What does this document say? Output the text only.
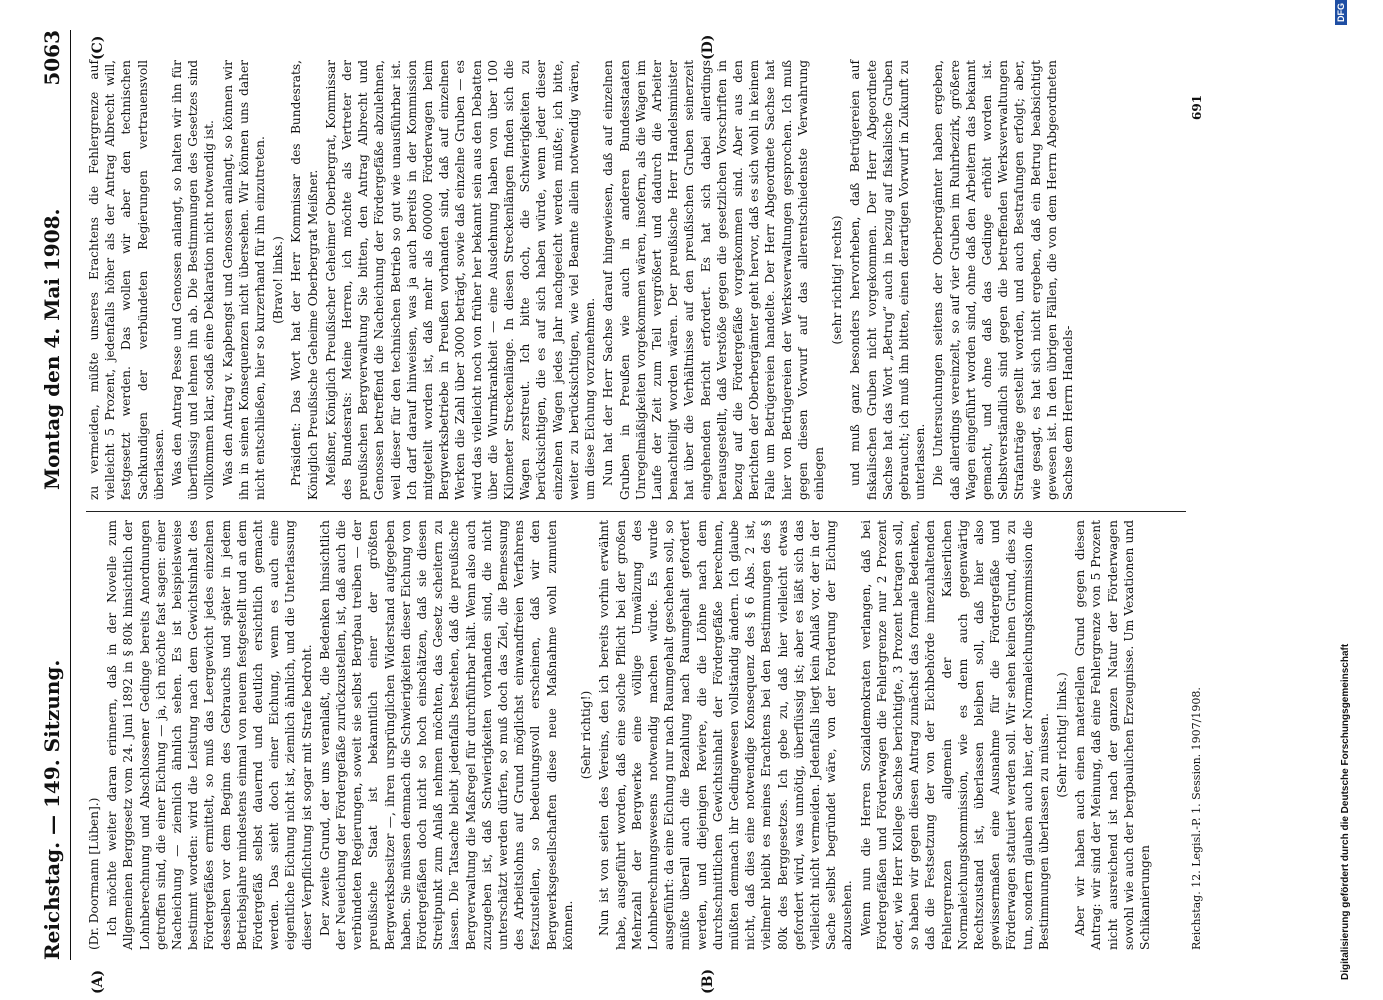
Reichstag. — 149. Sitzung.
Montag den 4. Mai 1908.
5063
(A)	(B)
(C)	(D)

(Dr. Doormann [Lüben].) Ich möchte weiter daran erinnern, daß in der Novelle zum Allgemeinen Berggesetz vom 24. Juni 1892 in § 80k hinsichtlich der Lohnberechnung und Abschlossener Gedinge bereits Anordnungen getroffen sind, die einer Eichung — ja, ich möchte fast sagen: einer Nacheichung — ziemlich ähnlich sehen. Es ist beispielsweise bestimmt worden: wird die Leistung nach dem Gewichtsinhalt des Fördergefäßes ermittelt, so muß das Leergewicht jedes einzelnen desselben vor dem Beginn des Gebrauchs und später in jedem Betriebsjahre mindestens einmal von neuem festgestellt und an dem Fördergefäß selbst dauernd und deutlich ersichtlich gemacht werden. Das sieht doch einer Eichung, wenn es auch eine eigentliche Eichung nicht ist, ziemlich ähnlich, und die Unterlassung dieser Verpflichtung ist sogar mit Strafe bedroht. Der zweite Grund, der uns veranlaßt, die Bedenken hinsichtlich der Neueichung der Fördergefäße zurückzustellen, ist, daß auch die verbündeten Regierungen, soweit sie selbst Bergbau treiben — der preußische Staat ist bekanntlich einer der größten Bergwerksbesitzer —, ihren ursprünglichen Widerstand aufgegeben haben. Sie müssen demnach die Schwierigkeiten dieser Eichung von Fördergefäßen doch nicht so hoch einschätzen, daß sie diesen Streitpunkt zum Anlaß nehmen möchten, das Gesetz scheitern zu lassen. Die Tatsache bleibt jedenfalls bestehen, daß die preußische Bergverwaltung die Maßregel für durchführbar hält. Wenn also auch zuzugeben ist, daß Schwierigkeiten vorhanden sind, die nicht unterschätzt werden dürfen, so muß doch das Ziel, die Bemessung des Arbeitslohns auf Grund möglichst einwandfreien Verfahrens festzustellen, so bedeutungsvoll erscheinen, daß wir den Bergwerksgesellschaften diese neue Maßnahme wohl zumuten können.

(Sehr richtig!) Nun ist von seiten des Vereins, den ich bereits vorhin erwähnt habe, ausgeführt worden, daß eine solche Pflicht bei der großen Mehrzahl der Bergwerke eine völlige Umwälzung des Lohnberechnungswesens notwendig machen würde. Es wurde ausgeführt: da eine Eichung nur nach Raumgehalt geschehen soll, so müßte überall auch die Bezahlung nach Raumgehalt gefordert werden, und diejenigen Reviere, die die Löhne nach dem durchschnittlichen Gewichtsinhalt der Fördergefäße berechnen, müßten demnach ihr Gedingewesen vollständig ändern. Ich glaube nicht, daß dies eine notwendige Konsequenz des § 6 Abs. 2 ist, vielmehr bleibt es meines Erachtens bei den Bestimmungen des § 80k des Berggesetzes. Ich gebe zu, daß hier vielleicht etwas gefordert wird, was unnötig, überflüssig ist; aber es läßt sich das vielleicht nicht vermeiden. Jedenfalls liegt kein Anlaß vor, der in der Sache selbst begründet wäre, von der Forderung der Eichung abzusehen. Wenn nun die Herren Sozialdemokraten verlangen, daß bei Fördergefäßen und Förderwagen die Fehlergrenze nur 2 Prozent oder, wie Herr Kollege Sachse berichtigte, 3 Prozent betragen soll, so haben wir gegen diesen Antrag zunächst das formale Bedenken, daß die Festsetzung der von der Eichbehörde innezuhaltenden Fehlergrenzen allgemein der Kaiserlichen Normaleichungskommission, wie es denn auch gegenwärtig Rechtszustand ist, überlassen bleiben soll, daß hier also gewissermaßen eine Ausnahme für die Fördergefäße und Förderwagen statuiert werden soll. Wir sehen keinen Grund, dies zu tun, sondern glauben auch hier, der Normaleichungskommission die Bestimmungen überlassen zu müssen. (Sehr richtig! links.) Aber wir haben auch einen materiellen Grund gegen diesen Antrag: wir sind der Meinung, daß eine Fehlergrenze von 5 Prozent nicht ausreichend ist nach der ganzen Natur der Förderwagen sowohl wie auch der bergbaulichen Erzeugnisse. Um Vexationen und Schikanierungen

zu vermeiden, müßte unseres Erachtens die Fehlergrenze auf vielleicht 5 Prozent, jedenfalls höher als der Antrag Albrecht will, festgesetzt werden. Das wollen wir aber den technischen Sachkundigen der verbündeten Regierungen vertrauensvoll überlassen. Was den Antrag Pesse und Genossen anlangt, so halten wir ihn für überflüssig und lehnen ihn ab. Die Bestimmungen des Gesetzes sind vollkommen klar, sodaß eine Deklaration nicht notwendig ist. Was den Antrag v. Kapbengst und Genossen anlangt, so können wir ihn in seinen Konsequenzen nicht übersehen. Wir können uns daher nicht entschließen, hier so kurzerhand für ihn einzutreten. (Bravo! links.) Präsident: Das Wort hat der Herr Kommissar des Bundesrats, Königlich Preußische Geheime Oberbergrat Meißner. Meißner, Königlich Preußischer Geheimer Oberbergrat, Kommissar des Bundesrats: Meine Herren, ich möchte als Vertreter der preußischen Bergverwaltung Sie bitten, den Antrag Albrecht und Genossen betreffend die Nacheichung der Fördergefäße abzulehnen, weil dieser für den technischen Betrieb so gut wie unausführbar ist. Ich darf darauf hinweisen, was ja auch bereits in der Kommission mitgeteilt worden ist, daß mehr als 600000 Förderwagen beim Bergwerksbetriebe in Preußen vorhanden sind, daß auf einzelnen Werken die Zahl über 3000 beträgt, sowie daß einzelne Gruben — es wird das vielleicht noch von früher her bekannt sein aus den Debatten über die Wurmkrankheit — eine Ausdehnung haben von über 100 Kilometer Streckenlänge. In diesen Streckenlängen finden sich die Wagen zerstreut. Ich bitte doch, die Schwierigkeiten zu berücksichtigen, die es auf sich haben würde, wenn jeder dieser einzelnen Wagen jedes Jahr nachgeeicht werden müßte; ich bitte, weiter zu berücksichtigen, wie viel Beamte allein notwendig wären, um diese Eichung vorzunehmen. Nun hat der Herr Sachse darauf hingewiesen, daß auf einzelnen Gruben in Preußen wie auch in anderen Bundesstaaten Unregelmäßigkeiten vorgekommen wären, insofern, als die Wagen im Laufe der Zeit zum Teil vergrößert und dadurch die Arbeiter benachteiligt worden wären. Der preußische Herr Handelsminister hat über die Verhältnisse auf den preußischen Gruben seinerzeit eingehenden Bericht erfordert. Es hat sich dabei allerdings herausgestellt, daß Verstöße gegen die gesetzlichen Vorschriften in bezug auf die Fördergefäße vorgekommen sind. Aber aus den Berichten der Oberbergämter geht hervor, daß es sich wohl in keinem Falle um Betrügereien handelte. Der Herr Abgeordnete Sachse hat hier von Betrügereien der Werksverwaltungen gesprochen. Ich muß gegen diesen Vorwurf auf das allerentschiedenste Verwahrung einlegen

(sehr richtig! rechts) und muß ganz besonders hervorheben, daß Betrügereien auf fiskalischen Gruben nicht vorgekommen. Der Herr Abgeordnete Sachse hat das Wort „Betrug“ auch in bezug auf fiskalische Gruben gebraucht; ich muß ihn bitten, einen derartigen Vorwurf in Zukunft zu unterlassen. Die Untersuchungen seitens der Oberbergämter haben ergeben, daß allerdings vereinzelt, so auf vier Gruben im Ruhrbezirk, größere Wagen eingeführt worden sind, ohne daß den Arbeitern das bekannt gemacht, und ohne daß das Gedinge erhöht worden ist. Selbstverständlich sind gegen die betreffenden Werksverwaltungen Strafanträge gestellt worden, und auch Bestrafungen erfolgt; aber, wie gesagt, es hat sich nicht ergeben, daß ein Betrug beabsichtigt gewesen ist. In den übrigen Fällen, die von dem Herrn Abgeordneten Sachse dem Herrn Handels-

Reichstag. 12. Legisl.-P. 1. Session. 1907/1908.
691
Digitalisierung gefördert durch die Deutsche Forschungsgemeinschaft
DFG
